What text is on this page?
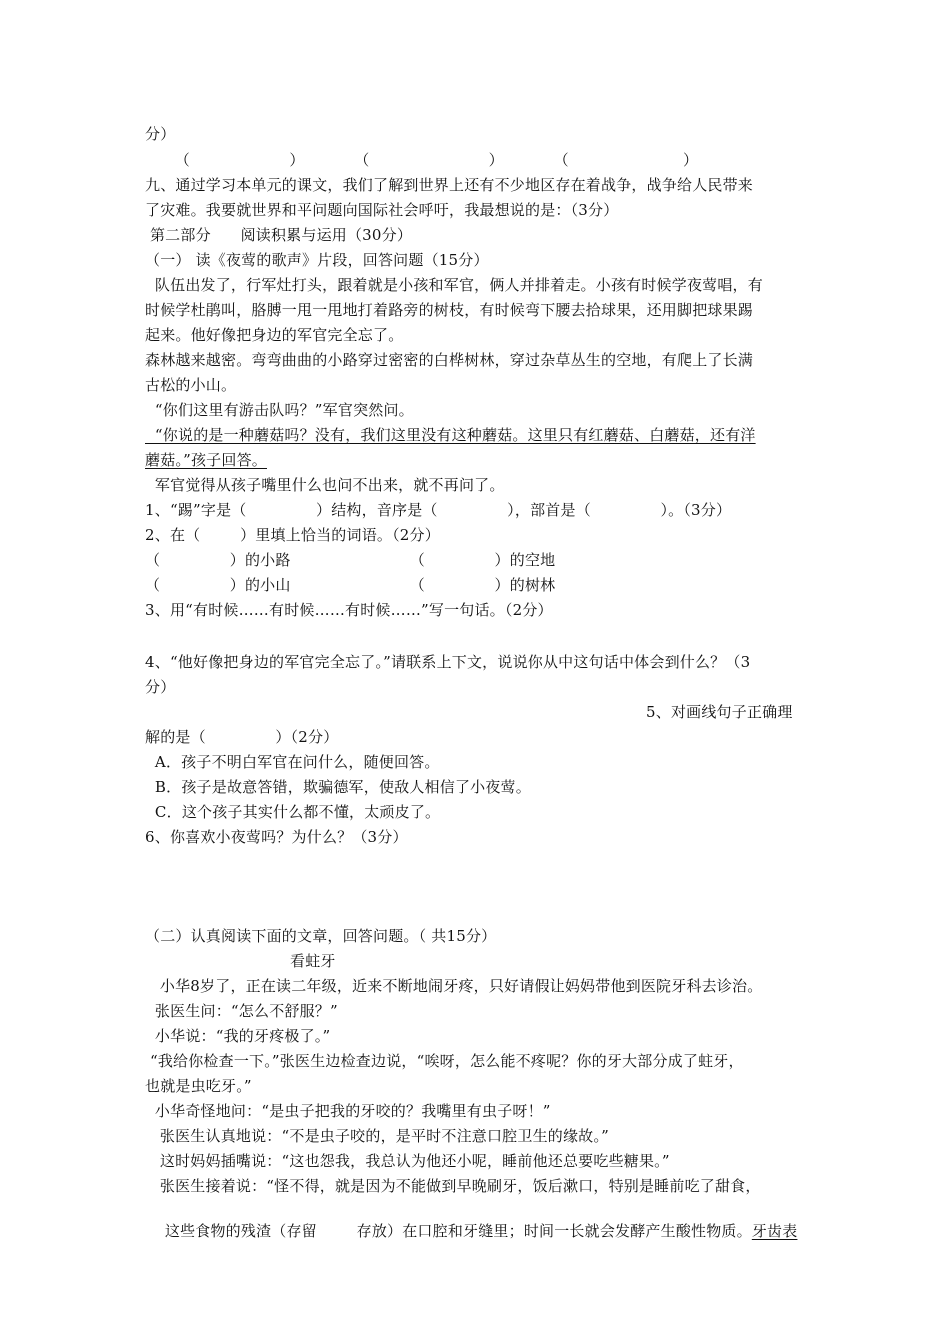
分）
（                    ）          （                        ）          （                       ）
九、通过学习本单元的课文，我们了解到世界上还有不少地区存在着战争，战争给人民带来
了灾难。我要就世界和平问题向国际社会呼吁，我最想说的是：（3分）
第二部分      阅读积累与运用（30分）
（一） 读《夜莺的歌声》片段，回答问题（15分）
队伍出发了，行军灶打头，跟着就是小孩和军官，俩人并排着走。小孩有时候学夜莺唱，有
时候学杜鹃叫，胳膊一甩一甩地打着路旁的树枝，有时候弯下腰去拾球果，还用脚把球果踢
起来。他好像把身边的军官完全忘了。
森林越来越密。弯弯曲曲的小路穿过密密的白桦树林，穿过杂草丛生的空地，有爬上了长满
古松的小山。
“你们这里有游击队吗？”军官突然问。
“你说的是一种蘑菇吗？没有，我们这里没有这种蘑菇。这里只有红蘑菇、白蘑菇，还有洋
蘑菇。”孩子回答。
军官觉得从孩子嘴里什么也问不出来，就不再问了。
1、“踢”字是（              ）结构，音序是（              ），部首是（              ）。（3分）
2、在（        ）里填上恰当的词语。（2分）
（              ）的小路                        （              ）的空地
（              ）的小山                        （              ）的树林
3、用“有时候……有时候……有时候……”写一句话。（2分）
4、“他好像把身边的军官完全忘了。”请联系上下文，说说你从中这句话中体会到什么？（3
分）
5、对画线句子正确理
解的是（              ）（2分）
A．孩子不明白军官在问什么，随便回答。
B．孩子是故意答错，欺骗德军，使敌人相信了小夜莺。
C．这个孩子其实什么都不懂，太顽皮了。
6、你喜欢小夜莺吗？为什么？（3分）
（二）认真阅读下面的文章，回答问题。（ 共15分）
看蛀牙
小华8岁了，正在读二年级，近来不断地闹牙疼，只好请假让妈妈带他到医院牙科去诊治。
张医生问：“怎么不舒服？”
小华说：“我的牙疼极了。”
“我给你检查一下。”张医生边检查边说，“唉呀，怎么能不疼呢？你的牙大部分成了蛀牙，
也就是虫吃牙。”
小华奇怪地问：“是虫子把我的牙咬的？我嘴里有虫子呀！”
张医生认真地说：“不是虫子咬的，是平时不注意口腔卫生的缘故。”
这时妈妈插嘴说：“这也怨我，我总认为他还小呢，睡前他还总要吃些糖果。”
张医生接着说：“怪不得，就是因为不能做到早晚刷牙，饭后漱口，特别是睡前吃了甜食，

这些食物的残渣（存留        存放）在口腔和牙缝里；时间一长就会发酵产生酸性物质。牙齿表
